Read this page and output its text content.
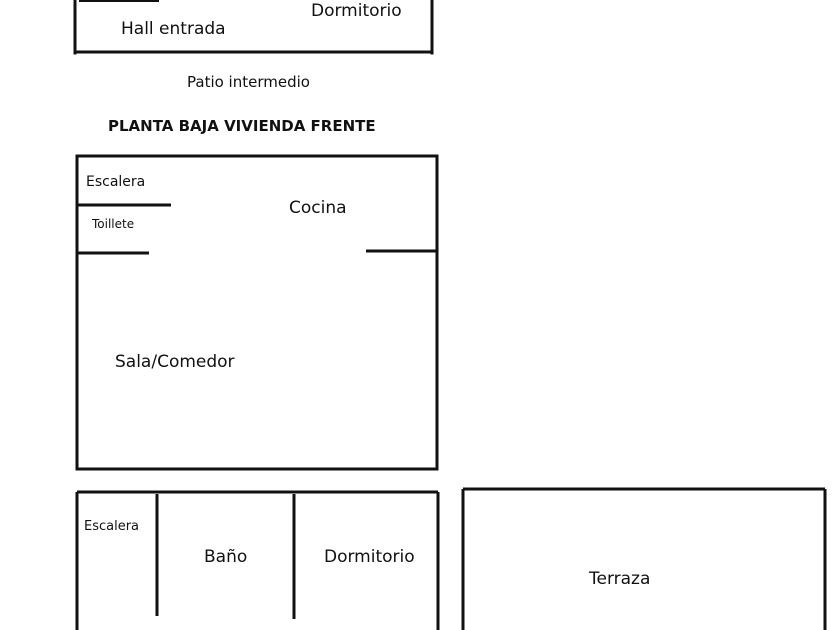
Hall entrada
Dormitorio
Patio intermedio
PLANTA BAJA VIVIENDA FRENTE
Escalera
Toillete
Cocina
Sala/Comedor
Escalera
Baño	Dormitorio
Terraza
